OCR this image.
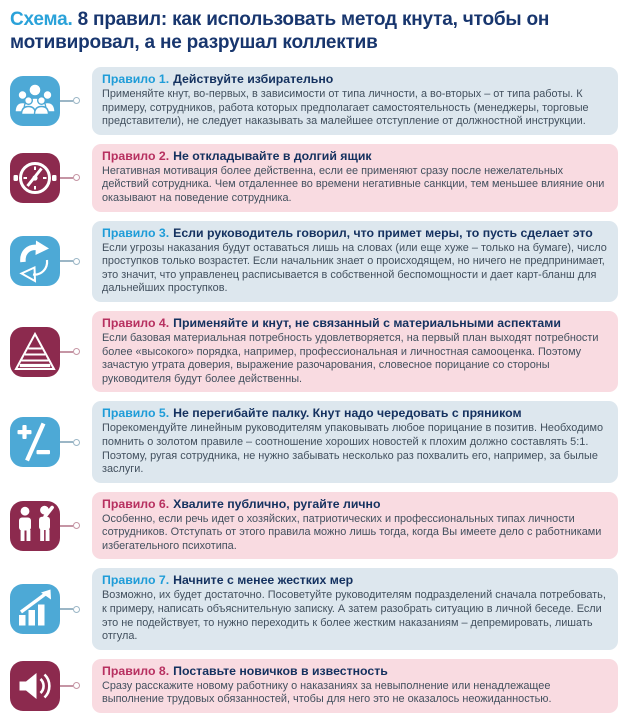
Схема. 8 правил: как использовать метод кнута, чтобы он мотивировал, а не разрушал коллектив
Правило 1. Действуйте избирательно
Применяйте кнут, во-первых, в зависимости от типа личности, а во-вторых – от типа работы. К примеру, сотрудников, работа которых предполагает самостоятельность (менеджеры, торговые представители), не следует наказывать за малейшее отступление от должностной инструкции.
Правило 2. Не откладывайте в долгий ящик
Негативная мотивация более действенна, если ее применяют сразу после нежелательных действий сотрудника. Чем отдаленнее во времени негативные санкции, тем меньшее влияние они оказывают на поведение сотрудника.
Правило 3. Если руководитель говорил, что примет меры, то пусть сделает это
Если угрозы наказания будут оставаться лишь на словах (или еще хуже – только на бумаге), число проступков только возрастет. Если начальник знает о происходящем, но ничего не предпринимает, это значит, что управленец расписывается в собственной беспомощности и дает карт-бланш для дальнейших проступков.
Правило 4. Применяйте и кнут, не связанный с материальными аспектами
Если базовая материальная потребность удовлетворяется, на первый план выходят потребности более «высокого» порядка, например, профессиональная и личностная самооценка. Поэтому зачастую утрата доверия, выражение разочарования, словесное порицание со стороны руководителя будут более действенны.
Правило 5. Не перегибайте палку. Кнут надо чередовать с пряником
Порекомендуйте линейным руководителям упаковывать любое порицание в позитив. Необходимо помнить о золотом правиле – соотношение хороших новостей к плохим должно составлять 5:1. Поэтому, ругая сотрудника, не нужно забывать несколько раз похвалить его, например, за былые заслуги.
Правило 6. Хвалите публично, ругайте лично
Особенно, если речь идет о хозяйских, патриотических и профессиональных типах личности сотрудников. Отступать от этого правила можно лишь тогда, когда Вы имеете дело с работниками избегательного психотипа.
Правило 7. Начните с менее жестких мер
Возможно, их будет достаточно. Посоветуйте руководителям подразделений сначала потребовать, к примеру, написать объяснительную записку. А затем разобрать ситуацию в личной беседе. Если это не подействует, то нужно переходить к более жестким наказаниям – депремировать, лишать отгула.
Правило 8. Поставьте новичков в известность
Сразу расскажите новому работнику о наказаниях за невыполнение или ненадлежащее выполнение трудовых обязанностей, чтобы для него это не оказалось неожиданностью.
